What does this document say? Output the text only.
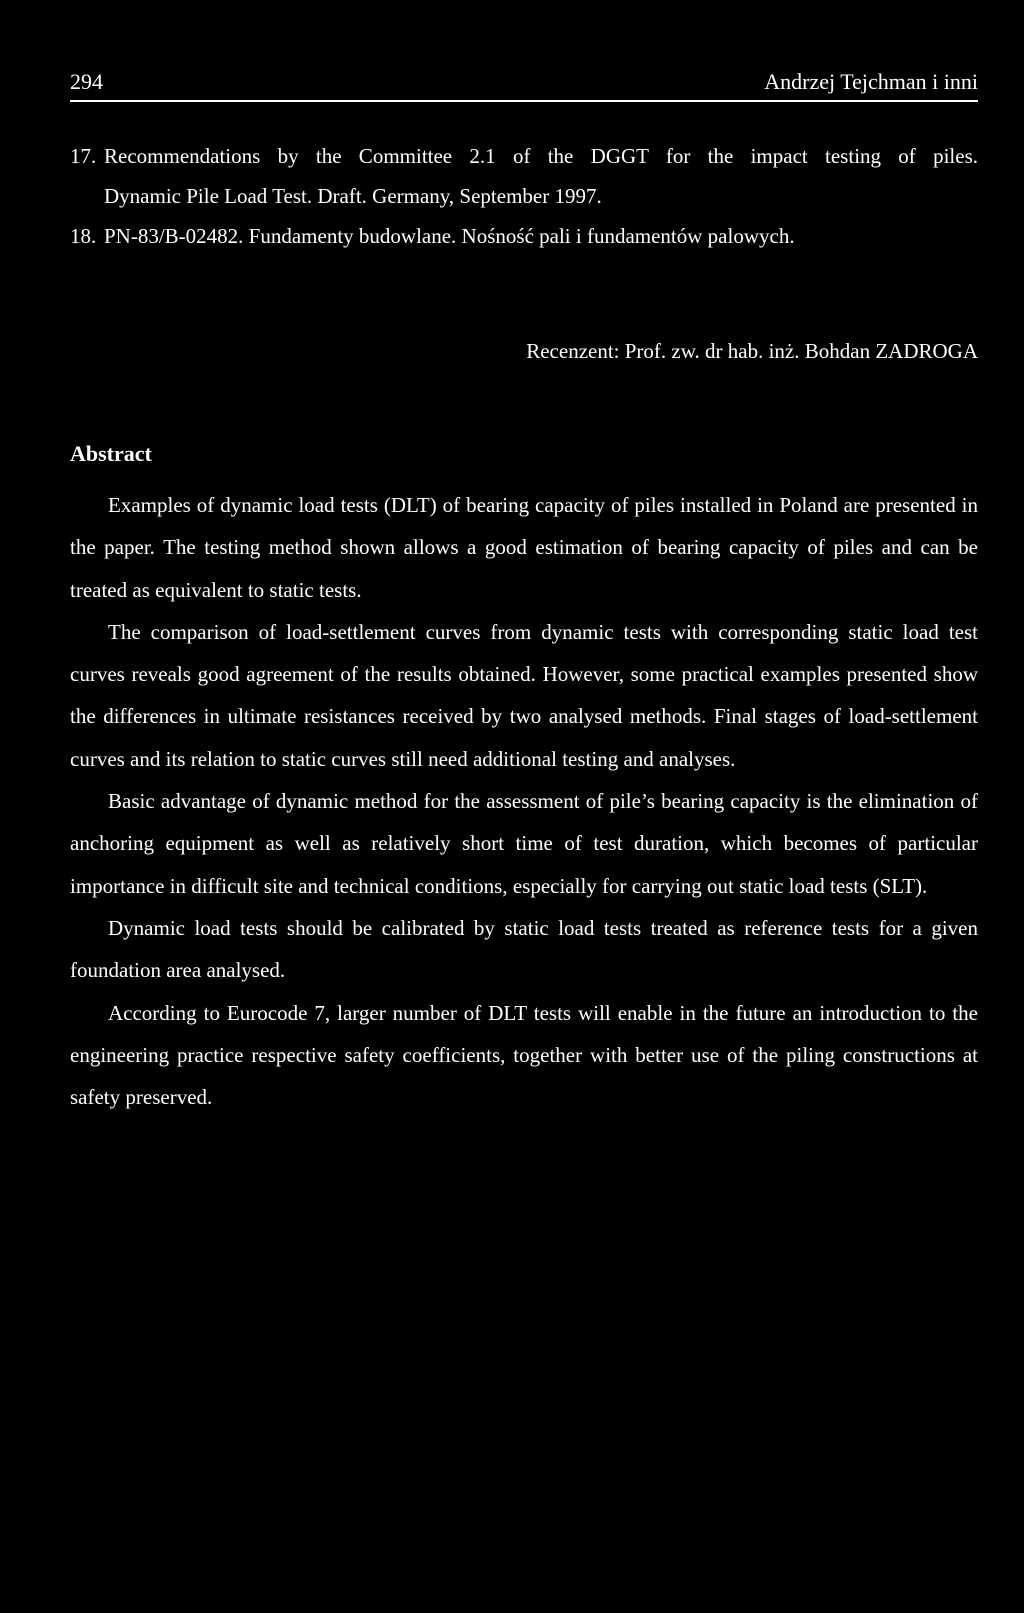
294	Andrzej Tejchman i inni
17. Recommendations by the Committee 2.1 of the DGGT for the impact testing of piles.
Dynamic Pile Load Test. Draft. Germany, September 1997.
18. PN-83/B-02482. Fundamenty budowlane. Nośność pali i fundamentów palowych.
Recenzent: Prof. zw. dr hab. inż. Bohdan ZADROGA
Abstract

Examples of dynamic load tests (DLT) of bearing capacity of piles installed in Poland are presented in the paper. The testing method shown allows a good estimation of bearing capacity of piles and can be treated as equivalent to static tests.

The comparison of load-settlement curves from dynamic tests with corresponding static load test curves reveals good agreement of the results obtained. However, some practical examples presented show the differences in ultimate resistances received by two analysed methods. Final stages of load-settlement curves and its relation to static curves still need additional testing and analyses.

Basic advantage of dynamic method for the assessment of pile’s bearing capacity is the elimination of anchoring equipment as well as relatively short time of test duration, which becomes of particular importance in difficult site and technical conditions, especially for carrying out static load tests (SLT).

Dynamic load tests should be calibrated by static load tests treated as reference tests for a given foundation area analysed.

According to Eurocode 7, larger number of DLT tests will enable in the future an introduction to the engineering practice respective safety coefficients, together with better use of the piling constructions at safety preserved.
